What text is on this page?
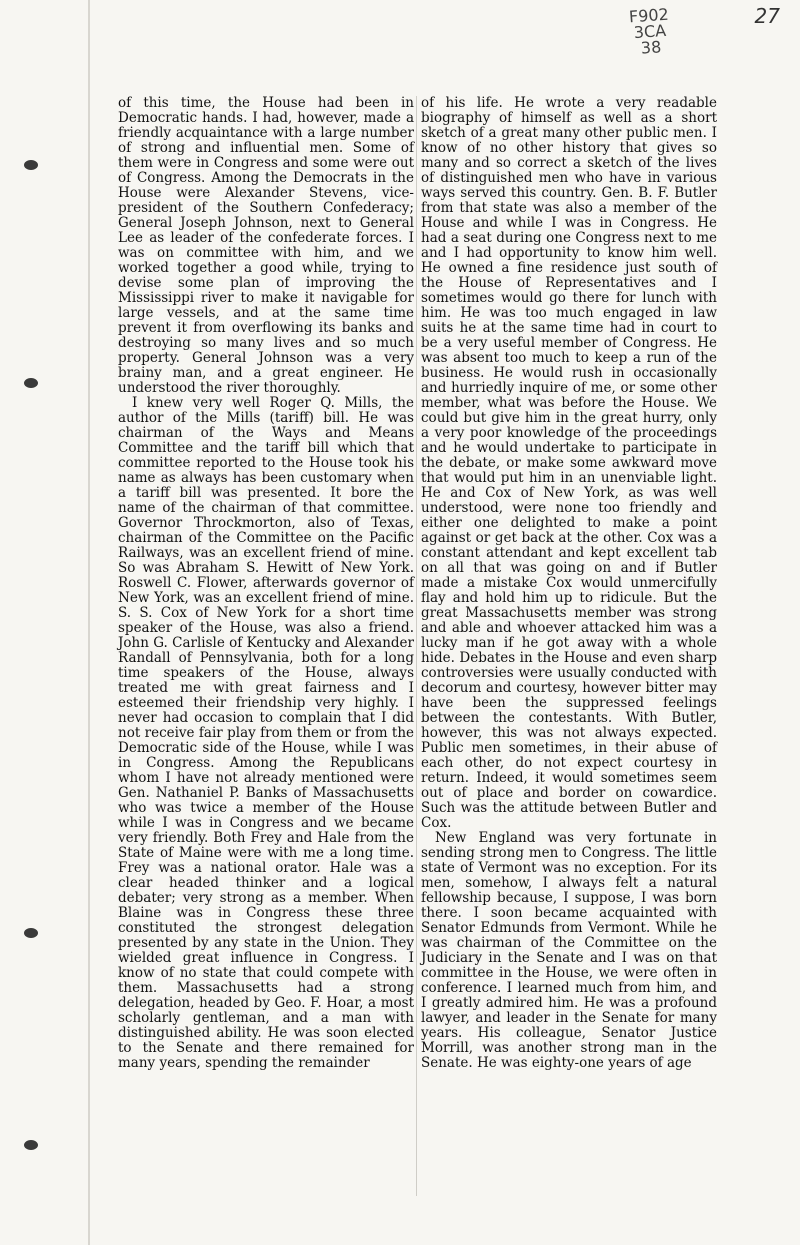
F902
3CA
38
27

of this time, the House had been in Democratic hands. I had, however, made a friendly acquaintance with a large number of strong and influential men. Some of them were in Congress and some were out of Congress. Among the Democrats in the House were Alexander Stevens, vice-president of the Southern Confederacy; General Joseph Johnson, next to General Lee as leader of the confederate forces. I was on committee with him, and we worked together a good while, trying to devise some plan of improving the Mississippi river to make it navigable for large vessels, and at the same time prevent it from overflowing its banks and destroying so many lives and so much property. General Johnson was a very brainy man, and a great engineer. He understood the river thoroughly.

I knew very well Roger Q. Mills, the author of the Mills (tariff) bill. He was chairman of the Ways and Means Committee and the tariff bill which that committee reported to the House took his name as always has been customary when a tariff bill was presented. It bore the name of the chairman of that committee. Governor Throckmorton, also of Texas, chairman of the Committee on the Pacific Railways, was an excellent friend of mine. So was Abraham S. Hewitt of New York. Roswell C. Flower, afterwards governor of New York, was an excellent friend of mine. S. S. Cox of New York for a short time speaker of the House, was also a friend. John G. Carlisle of Kentucky and Alexander Randall of Pennsylvania, both for a long time speakers of the House, always treated me with great fairness and I esteemed their friendship very highly. I never had occasion to complain that I did not receive fair play from them or from the Democratic side of the House, while I was in Congress. Among the Republicans whom I have not already mentioned were Gen. Nathaniel P. Banks of Massachusetts who was twice a member of the House while I was in Congress and we became very friendly. Both Frey and Hale from the State of Maine were with me a long time. Frey was a national orator. Hale was a clear headed thinker and a logical debater; very strong as a member. When Blaine was in Congress these three constituted the strongest delegation presented by any state in the Union. They wielded great influence in Congress. I know of no state that could compete with them. Massachusetts had a strong delegation, headed by Geo. F. Hoar, a most scholarly gentleman, and a man with distinguished ability. He was soon elected to the Senate and there remained for many years, spending the remainder

of his life. He wrote a very readable biography of himself as well as a short sketch of a great many other public men. I know of no other history that gives so many and so correct a sketch of the lives of distinguished men who have in various ways served this country. Gen. B. F. Butler from that state was also a member of the House and while I was in Congress. He had a seat during one Congress next to me and I had opportunity to know him well. He owned a fine residence just south of the House of Representatives and I sometimes would go there for lunch with him. He was too much engaged in law suits he at the same time had in court to be a very useful member of Congress. He was absent too much to keep a run of the business. He would rush in occasionally and hurriedly inquire of me, or some other member, what was before the House. We could but give him in the great hurry, only a very poor knowledge of the proceedings and he would undertake to participate in the debate, or make some awkward move that would put him in an unenviable light. He and Cox of New York, as was well understood, were none too friendly and either one delighted to make a point against or get back at the other. Cox was a constant attendant and kept excellent tab on all that was going on and if Butler made a mistake Cox would unmercifully flay and hold him up to ridicule. But the great Massachusetts member was strong and able and whoever attacked him was a lucky man if he got away with a whole hide. Debates in the House and even sharp controversies were usually conducted with decorum and courtesy, however bitter may have been the suppressed feelings between the contestants. With Butler, however, this was not always expected. Public men sometimes, in their abuse of each other, do not expect courtesy in return. Indeed, it would sometimes seem out of place and border on cowardice. Such was the attitude between Butler and Cox.

New England was very fortunate in sending strong men to Congress. The little state of Vermont was no exception. For its men, somehow, I always felt a natural fellowship because, I suppose, I was born there. I soon became acquainted with Senator Edmunds from Vermont. While he was chairman of the Committee on the Judiciary in the Senate and I was on that committee in the House, we were often in conference. I learned much from him, and I greatly admired him. He was a profound lawyer, and leader in the Senate for many years. His colleague, Senator Justice Morrill, was another strong man in the Senate. He was eighty-one years of age
